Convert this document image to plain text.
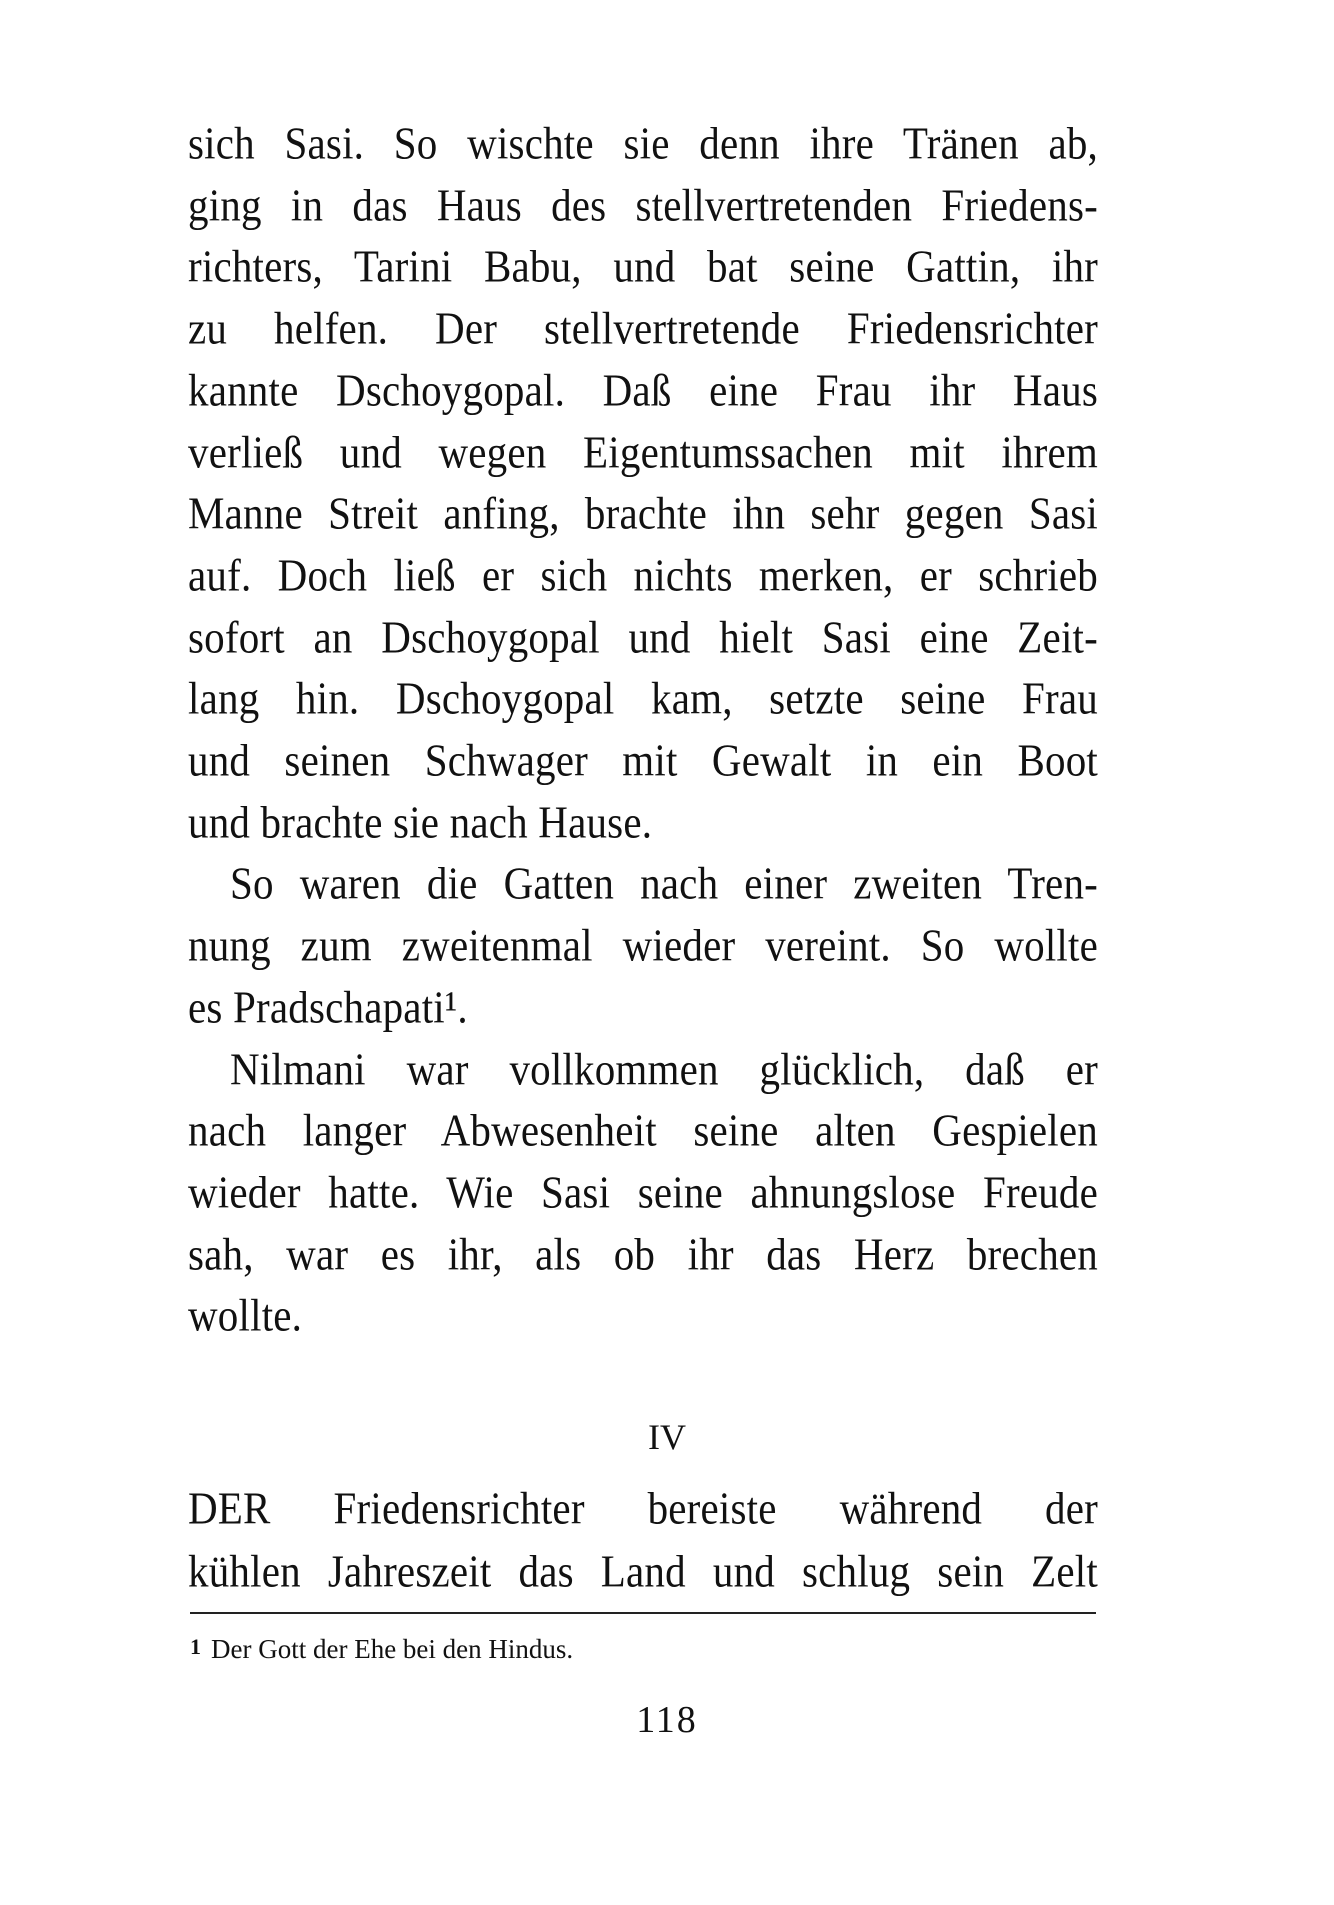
sich Sasi. So wischte sie denn ihre Tränen ab,
ging in das Haus des stellvertretenden Friedens-
richters, Tarini Babu, und bat seine Gattin, ihr
zu helfen. Der stellvertretende Friedensrichter
kannte Dschoygopal. Daß eine Frau ihr Haus
verließ und wegen Eigentumssachen mit ihrem
Manne Streit anfing, brachte ihn sehr gegen Sasi
auf. Doch ließ er sich nichts merken, er schrieb
sofort an Dschoygopal und hielt Sasi eine Zeit-
lang hin. Dschoygopal kam, setzte seine Frau
und seinen Schwager mit Gewalt in ein Boot
und brachte sie nach Hause.
So waren die Gatten nach einer zweiten Tren-
nung zum zweitenmal wieder vereint. So wollte
es Pradschapati¹.
Nilmani war vollkommen glücklich, daß er
nach langer Abwesenheit seine alten Gespielen
wieder hatte. Wie Sasi seine ahnungslose Freude
sah, war es ihr, als ob ihr das Herz brechen
wollte.
IV
DER Friedensrichter bereiste während der
kühlen Jahreszeit das Land und schlug sein Zelt
1 Der Gott der Ehe bei den Hindus.
118
